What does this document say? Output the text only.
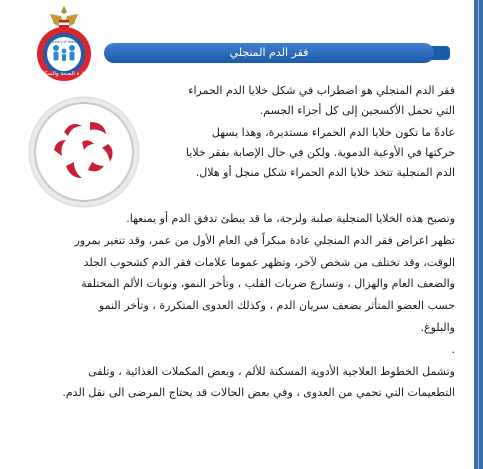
Ministry of Health
وزارة الصحة والسكان
فقر الدم المنجلي
فقر الدم المنجلي هو اضطراب في شكل خلايا الدم الحمراء
التي تحمل الأكسجين إلى كل أجزاء الجسم.
عادةً ما تكون خلايا الدم الحمراء مستديرة، وهذا يسهل
حركتها في الأوعية الدموية. ولكن في حال الإصابة بفقر خلايا
الدم المنجلية تتخذ خلايا الدم الحمراء شكل منجل أو هلال.
وتصبح هذه الخلايا المنجلية صلبة ولزجة، ما قد يبطئ تدفق الدم أو يمنعها.
تظهر اعراض فقر الدم المنجلي عادة مبكراً في العام الأول من عمر، وقد تتغير بمرور
الوقت، وقد تختلف من شخص لآخر، وتظهر عموما علامات فقر الدم كشحوب الجلد
والضعف العام والهزال ، وتسارع ضربات القلب ، وتأخر النمو، ونوبات الألم المختلفة
حسب العضو المتأثر بضعف سريان الدم ، وكذلك العدوى المتكررة ، وتأخر النمو
والبلوغ.
.
وتشمل الخطوط العلاجية الأدوية المسكنة للألم ، وبعض المكملات الغذائية ، وتلقى
التطعيمات التي تحمي من العدوى ، وفي بعض الحالات قد يحتاج المرضى الى نقل الدم.
